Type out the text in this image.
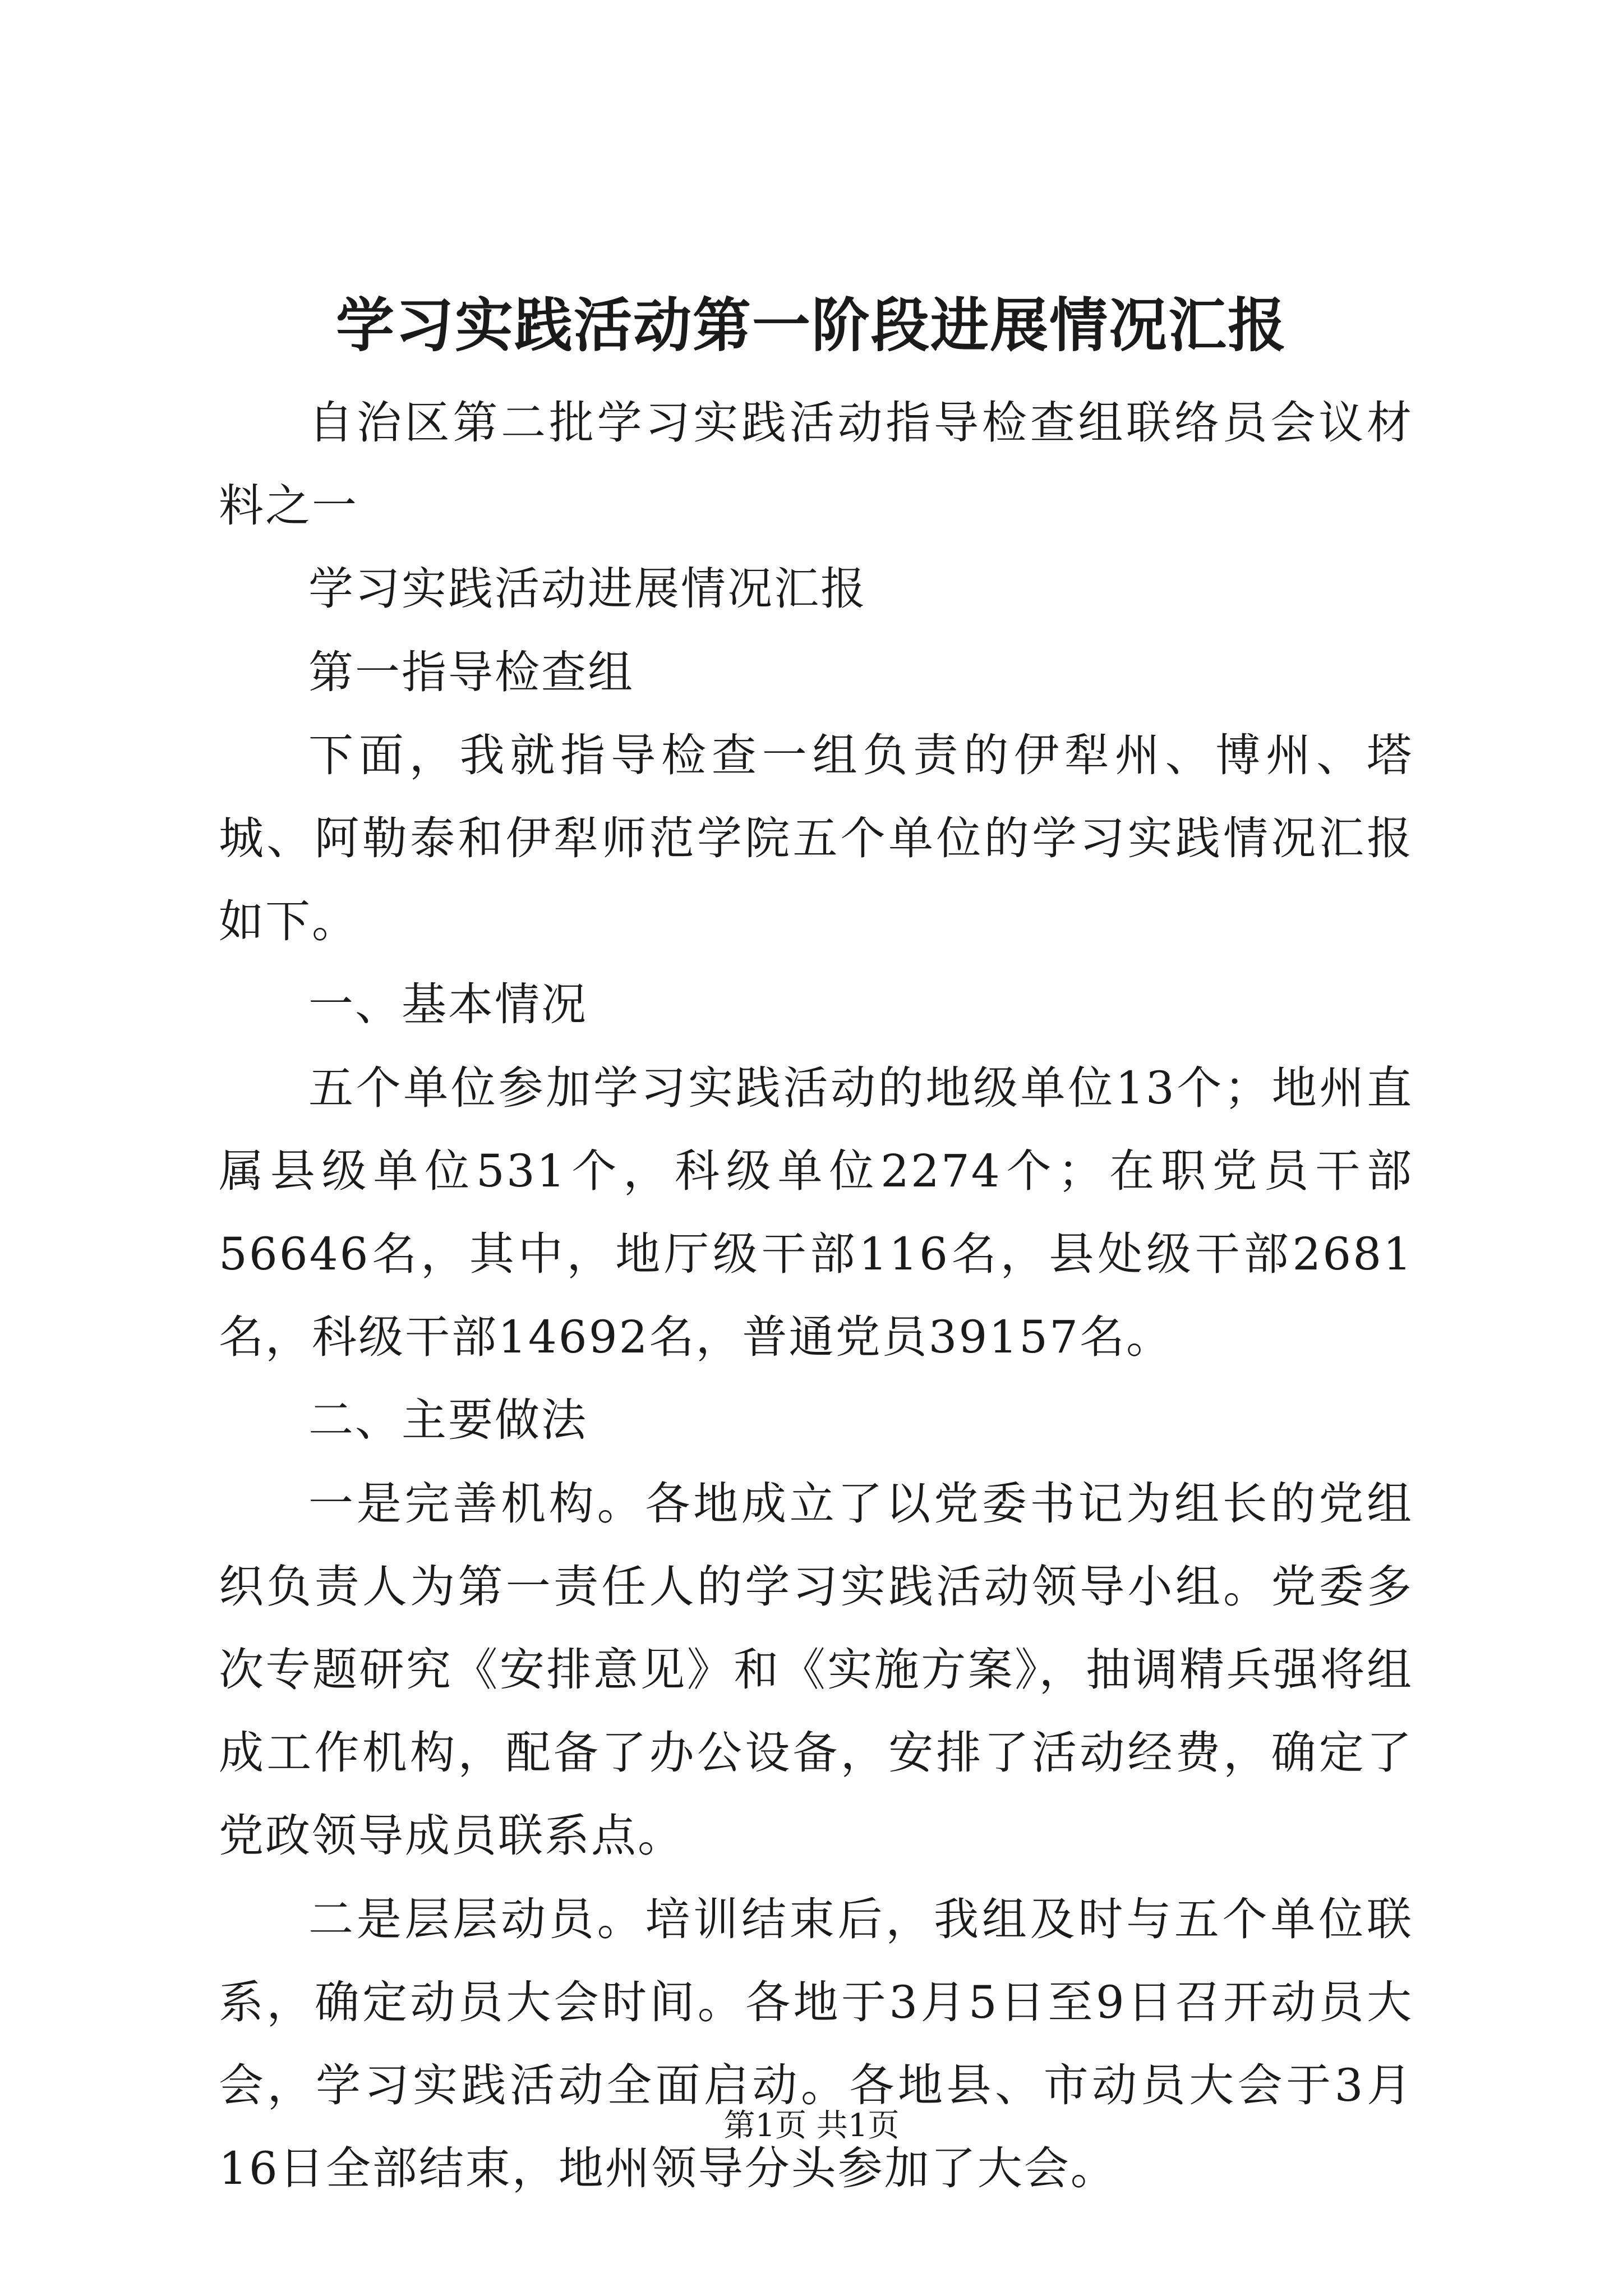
学习实践活动第一阶段进展情况汇报

自治区第二批学习实践活动指导检查组联络员会议材料之一

学习实践活动进展情况汇报

第一指导检查组

下面，我就指导检查一组负责的伊犁州、博州、塔城、阿勒泰和伊犁师范学院五个单位的学习实践情况汇报如下。

一、基本情况

五个单位参加学习实践活动的地级单位13个；地州直属县级单位531个，科级单位2274个；在职党员干部56646名，其中，地厅级干部116名，县处级干部2681名，科级干部14692名，普通党员39157名。

二、主要做法

一是完善机构。各地成立了以党委书记为组长的党组织负责人为第一责任人的学习实践活动领导小组。党委多次专题研究《安排意见》和《实施方案》，抽调精兵强将组成工作机构，配备了办公设备，安排了活动经费，确定了党政领导成员联系点。

二是层层动员。培训结束后，我组及时与五个单位联系，确定动员大会时间。各地于3月5日至9日召开动员大会，学习实践活动全面启动。各地县、市动员大会于3月16日全部结束，地州领导分头参加了大会。

第1页 共1页
